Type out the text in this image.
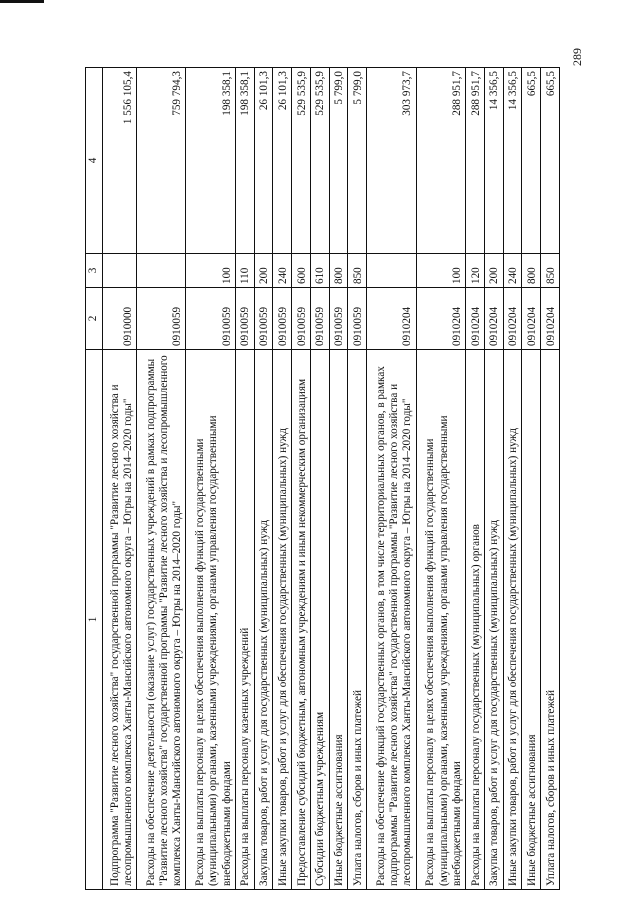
289
1	2	3	4
Подпрограмма "Развитие лесного хозяйства" государственной программы "Развитие лесного хозяйства и лесопромышленного комплекса Ханты-Мансийского автономного округа – Югры на 2014–2020 годы"	0910000		1 556 105,4
Расходы на обеспечение деятельности (оказание услуг) государственных учреждений в рамках подпрограммы "Развитие лесного хозяйства" государственной программы "Развитие лесного хозяйства и лесопромышленного комплекса Ханты-Мансийского автономного округа – Югры на 2014–2020 годы"	0910059		759 794,3
Расходы на выплаты персоналу в целях обеспечения выполнения функций государственными (муниципальными) органами, казенными учреждениями, органами управления государственными внебюджетными фондами	0910059	100	198 358,1
Расходы на выплаты персоналу казенных учреждений	0910059	110	198 358,1
Закупка товаров, работ и услуг для государственных (муниципальных) нужд	0910059	200	26 101,3
Иные закупки товаров, работ и услуг для обеспечения государственных (муниципальных) нужд	0910059	240	26 101,3
Предоставление субсидий бюджетным, автономным учреждениям и иным некоммерческим организациям	0910059	600	529 535,9
Субсидии бюджетным учреждениям	0910059	610	529 535,9
Иные бюджетные ассигнования	0910059	800	5 799,0
Уплата налогов, сборов и иных платежей	0910059	850	5 799,0
Расходы на обеспечение функций государственных органов, в том числе территориальных органов, в рамках подпрограммы "Развитие лесного хозяйства" государственной программы "Развитие лесного хозяйства и лесопромышленного комплекса Ханты-Мансийского автономного округа – Югры на 2014–2020 годы"	0910204		303 973,7
Расходы на выплаты персоналу в целях обеспечения выполнения функций государственными (муниципальными) органами, казенными учреждениями, органами управления государственными внебюджетными фондами	0910204	100	288 951,7
Расходы на выплаты персоналу государственных (муниципальных) органов	0910204	120	288 951,7
Закупка товаров, работ и услуг для государственных (муниципальных) нужд	0910204	200	14 356,5
Иные закупки товаров, работ и услуг для обеспечения государственных (муниципальных) нужд	0910204	240	14 356,5
Иные бюджетные ассигнования	0910204	800	665,5
Уплата налогов, сборов и иных платежей	0910204	850	665,5
